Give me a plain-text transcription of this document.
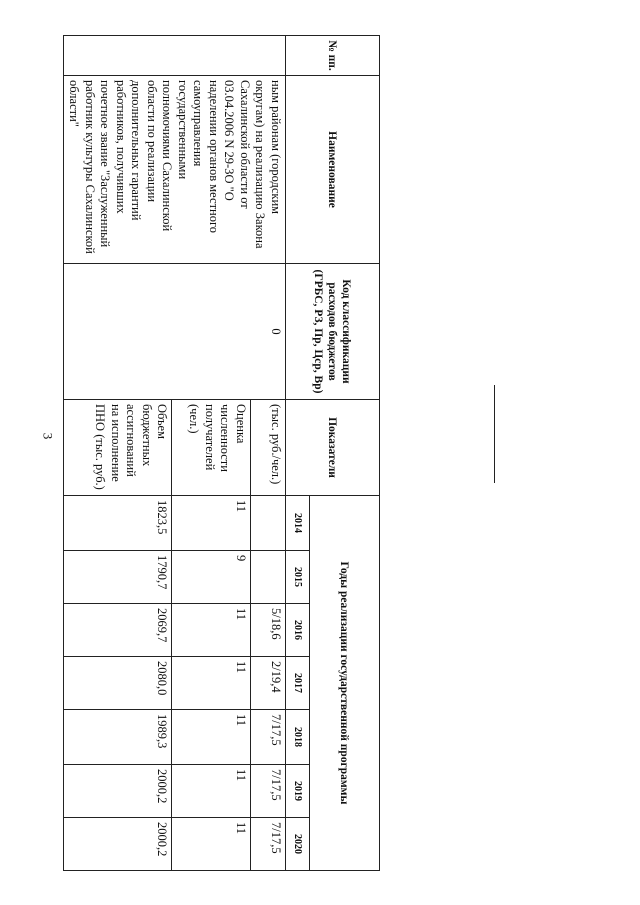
3
№ пп.	Наименование	Код классификации расходов бюджетов (ГРБС, РЗ, Пр, Цср, Вр)	Показатели	Годы реализации государственной программы						
				2014	2015	2016	2017	2018	2019	2020
	ным районам (городским округам) на реализацию Закона Сахалинской области от 03.04.2006 N 29-ЗО "О наделении органов местного самоуправления государственными полномочиями Сахалинской области по реализации дополнительных гарантий работников, получивших почетное звание "Заслуженный работник культуры Сахалинской области"	0	(тыс. руб./чел.)			5/18,6	2/19,4	7/17,5	7/17,5	7/17,5
			Оценка численности получателей (чел.)	11	9	11	11	11	11	11
			Объем бюджетных ассигнований на исполнение ПНО (тыс. руб.)	1823,5	1790,7	2069,7	2080,0	1989,3	2000,2	2000,2
